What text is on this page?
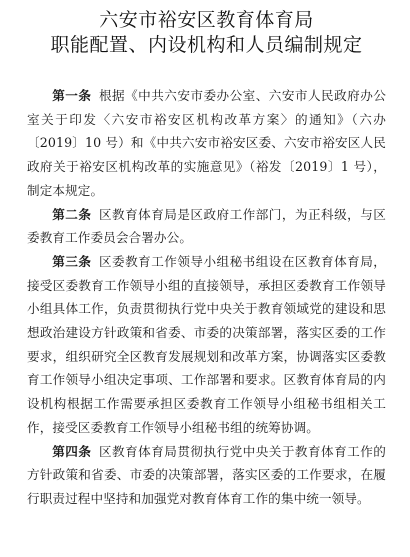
六安市裕安区教育体育局
职能配置、内设机构和人员编制规定

第一条 根据《中共六安市委办公室、六安市人民政府办公室关于印发〈六安市裕安区机构改革方案〉的通知》（六办〔2019〕10 号）和《中共六安市裕安区委、六安市裕安区人民政府关于裕安区机构改革的实施意见》（裕发〔2019〕1 号），制定本规定。

第二条 区教育体育局是区政府工作部门，为正科级，与区委教育工作委员会合署办公。

第三条 区委教育工作领导小组秘书组设在区教育体育局，接受区委教育工作领导小组的直接领导，承担区委教育工作领导小组具体工作，负责贯彻执行党中央关于教育领域党的建设和思想政治建设方针政策和省委、市委的决策部署，落实区委的工作要求，组织研究全区教育发展规划和改革方案，协调落实区委教育工作领导小组决定事项、工作部署和要求。区教育体育局的内设机构根据工作需要承担区委教育工作领导小组秘书组相关工作，接受区委教育工作领导小组秘书组的统筹协调。

第四条 区教育体育局贯彻执行党中央关于教育体育工作的方针政策和省委、市委的决策部署，落实区委的工作要求，在履行职责过程中坚持和加强党对教育体育工作的集中统一领导。
